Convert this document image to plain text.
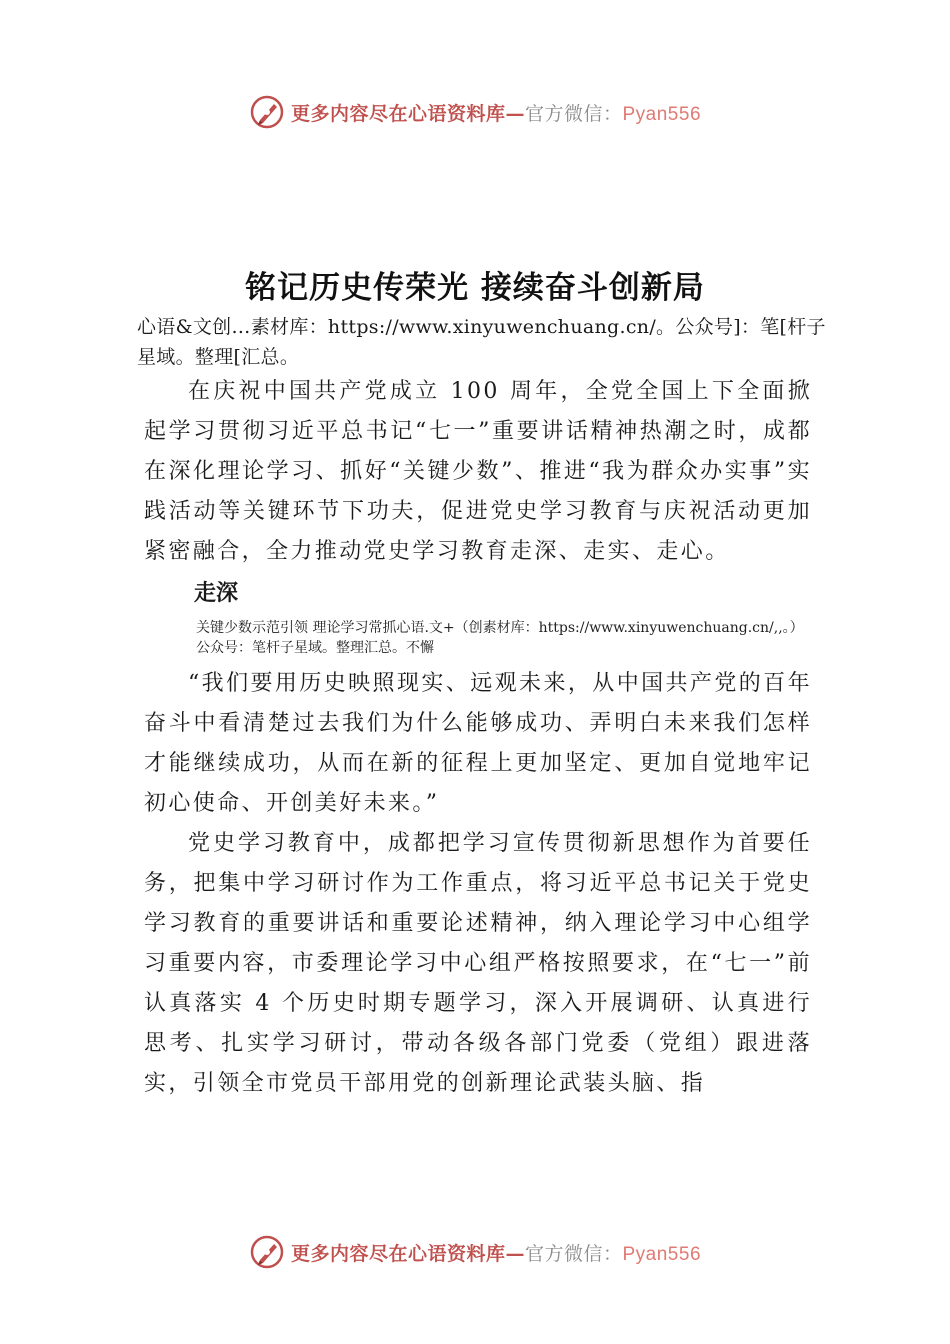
更多内容尽在心语资料库—官方微信：Pyan556
铭记历史传荣光 接续奋斗创新局

心语&文创…素材库：https://www.xinyuwenchuang.cn/。公众号]：笔[杆子星域。整理[汇总。

在庆祝中国共产党成立 100 周年，全党全国上下全面掀起学习贯彻习近平总书记“七一”重要讲话精神热潮之时，成都在深化理论学习、抓好“关键少数”、推进“我为群众办实事”实践活动等关键环节下功夫，促进党史学习教育与庆祝活动更加紧密融合，全力推动党史学习教育走深、走实、走心。

走深

关键少数示范引领 理论学习常抓心语.文+（创素材库：https://www.xinyuwenchuang.cn/,,。）公众号：笔杆子星域。整理汇总。不懈

“我们要用历史映照现实、远观未来，从中国共产党的百年奋斗中看清楚过去我们为什么能够成功、弄明白未来我们怎样才能继续成功，从而在新的征程上更加坚定、更加自觉地牢记初心使命、开创美好未来。”

党史学习教育中，成都把学习宣传贯彻新思想作为首要任务，把集中学习研讨作为工作重点，将习近平总书记关于党史学习教育的重要讲话和重要论述精神，纳入理论学习中心组学习重要内容，市委理论学习中心组严格按照要求，在“七一”前认真落实 4 个历史时期专题学习，深入开展调研、认真进行思考、扎实学习研讨，带动各级各部门党委（党组）跟进落实，引领全市党员干部用党的创新理论武装头脑、指

更多内容尽在心语资料库—官方微信：Pyan556
